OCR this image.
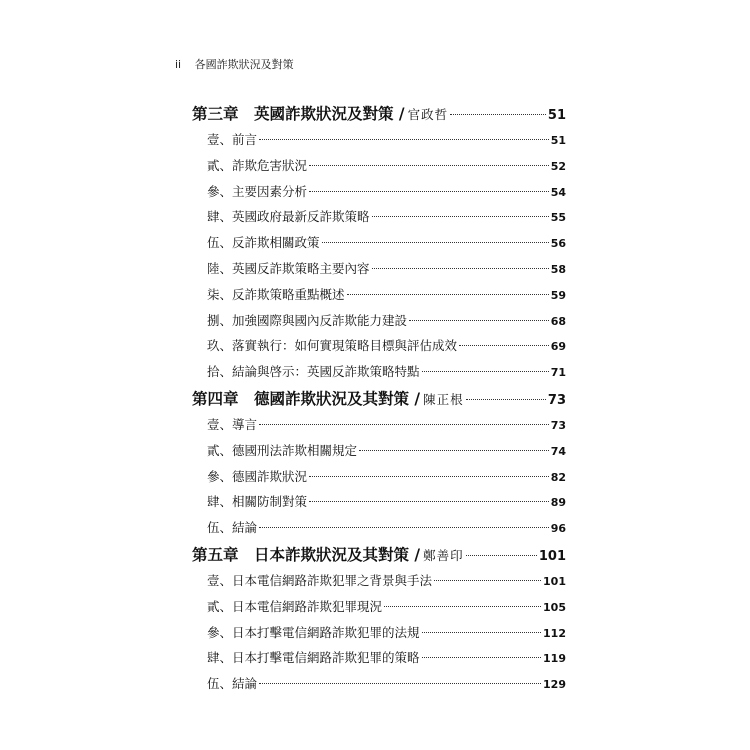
ii 各國詐欺狀況及對策
第三章　英國詐欺狀況及對策 / 官政哲	51
壹、前言	51
貳、詐欺危害狀況	52
參、主要因素分析	54
肆、英國政府最新反詐欺策略	55
伍、反詐欺相關政策	56
陸、英國反詐欺策略主要內容	58
柒、反詐欺策略重點概述	59
捌、加強國際與國內反詐欺能力建設	68
玖、落實執行：如何實現策略目標與評估成效	69
拾、結論與啓示：英國反詐欺策略特點	71
第四章　德國詐欺狀況及其對策 / 陳正根	73
壹、導言	73
貳、德國刑法詐欺相關規定	74
參、德國詐欺狀況	82
肆、相關防制對策	89
伍、結論	96
第五章　日本詐欺狀況及其對策 / 鄭善印	101
壹、日本電信網路詐欺犯罪之背景與手法	101
貳、日本電信網路詐欺犯罪現況	105
參、日本打擊電信網路詐欺犯罪的法規	112
肆、日本打擊電信網路詐欺犯罪的策略	119
伍、結論	129
